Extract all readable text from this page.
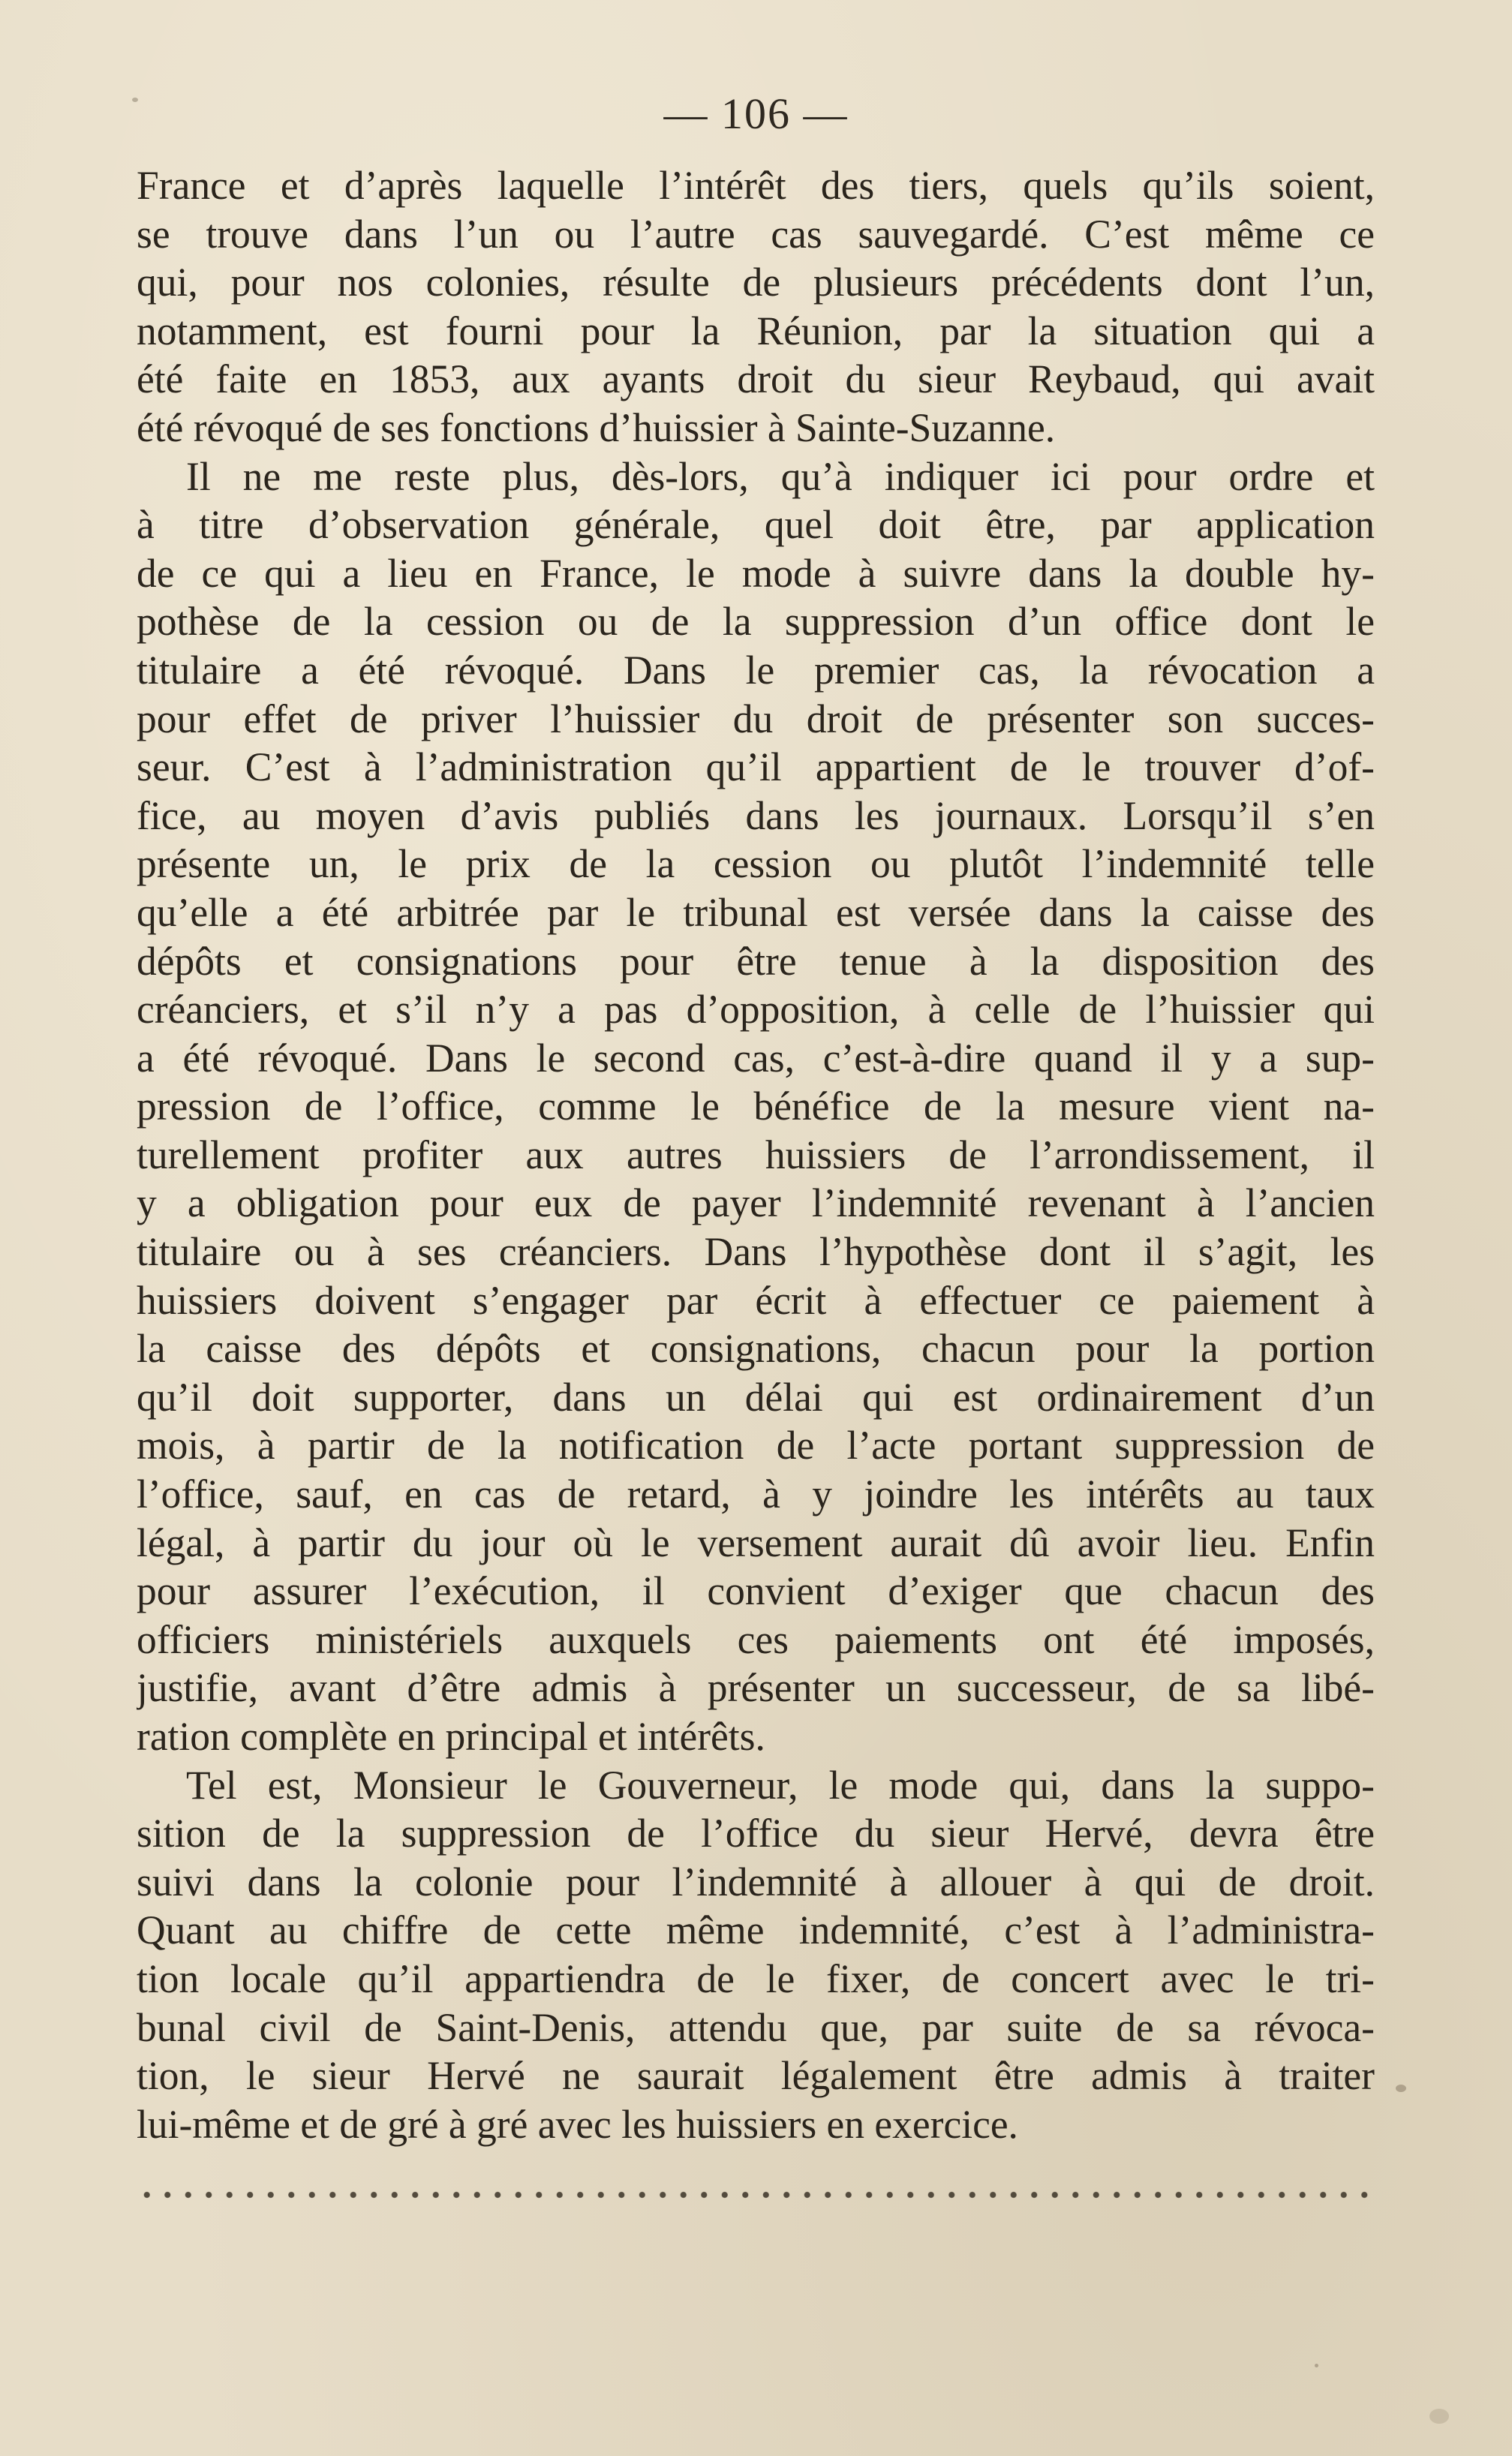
— 106 —
France et d’après laquelle l’intérêt des tiers, quels qu’ils soient,
se trouve dans l’un ou l’autre cas sauvegardé. C’est même ce
qui, pour nos colonies, résulte de plusieurs précédents dont l’un,
notamment, est fourni pour la Réunion, par la situation qui a
été faite en 1853, aux ayants droit du sieur Reybaud, qui avait
été révoqué de ses fonctions d’huissier à Sainte-Suzanne.
Il ne me reste plus, dès-lors, qu’à indiquer ici pour ordre et
à titre d’observation générale, quel doit être, par application
de ce qui a lieu en France, le mode à suivre dans la double hy-
pothèse de la cession ou de la suppression d’un office dont le
titulaire a été révoqué. Dans le premier cas, la révocation a
pour effet de priver l’huissier du droit de présenter son succes-
seur. C’est à l’administration qu’il appartient de le trouver d’of-
fice, au moyen d’avis publiés dans les journaux. Lorsqu’il s’en
présente un, le prix de la cession ou plutôt l’indemnité telle
qu’elle a été arbitrée par le tribunal est versée dans la caisse des
dépôts et consignations pour être tenue à la disposition des
créanciers, et s’il n’y a pas d’opposition, à celle de l’huissier qui
a été révoqué. Dans le second cas, c’est-à-dire quand il y a sup-
pression de l’office, comme le bénéfice de la mesure vient na-
turellement profiter aux autres huissiers de l’arrondissement, il
y a obligation pour eux de payer l’indemnité revenant à l’ancien
titulaire ou à ses créanciers. Dans l’hypothèse dont il s’agit, les
huissiers doivent s’engager par écrit à effectuer ce paiement à
la caisse des dépôts et consignations, chacun pour la portion
qu’il doit supporter, dans un délai qui est ordinairement d’un
mois, à partir de la notification de l’acte portant suppression de
l’office, sauf, en cas de retard, à y joindre les intérêts au taux
légal, à partir du jour où le versement aurait dû avoir lieu. Enfin
pour assurer l’exécution, il convient d’exiger que chacun des
officiers ministériels auxquels ces paiements ont été imposés,
justifie, avant d’être admis à présenter un successeur, de sa libé-
ration complète en principal et intérêts.
Tel est, Monsieur le Gouverneur, le mode qui, dans la suppo-
sition de la suppression de l’office du sieur Hervé, devra être
suivi dans la colonie pour l’indemnité à allouer à qui de droit.
Quant au chiffre de cette même indemnité, c’est à l’administra-
tion locale qu’il appartiendra de le fixer, de concert avec le tri-
bunal civil de Saint-Denis, attendu que, par suite de sa révoca-
tion, le sieur Hervé ne saurait légalement être admis à traiter
lui-même et de gré à gré avec les huissiers en exercice.
